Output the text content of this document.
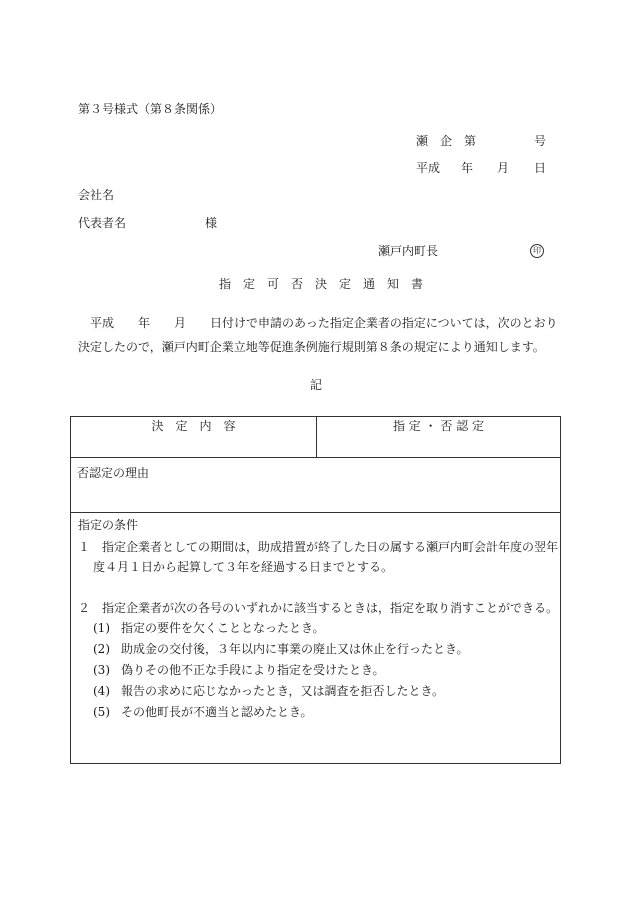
第３号様式（第８条関係）
瀬　企　第	号
平成 年 月 日
会社名
代表者名	様
瀬戸内町長	印
指　定　可　否　決　定　通　知　書
平成　　年　　月　　日付けで申請のあった指定企業者の指定については，次のとおり
決定したので，瀬戸内町企業立地等促進条例施行規則第８条の規定により通知します。
記
決　定　内　容	指 定 ・ 否 認 定

否認定の理由

指定の条件
１　指定企業者としての期間は，助成措置が終了した日の属する瀬戸内町会計年度の翌年
度４月１日から起算して３年を経過する日までとする。
２　指定企業者が次の各号のいずれかに該当するときは，指定を取り消すことができる。
(1) 指定の要件を欠くこととなったとき。
(2) 助成金の交付後，３年以内に事業の廃止又は休止を行ったとき。
(3) 偽りその他不正な手段により指定を受けたとき。
(4) 報告の求めに応じなかったとき，又は調査を拒否したとき。
(5) その他町長が不適当と認めたとき。
